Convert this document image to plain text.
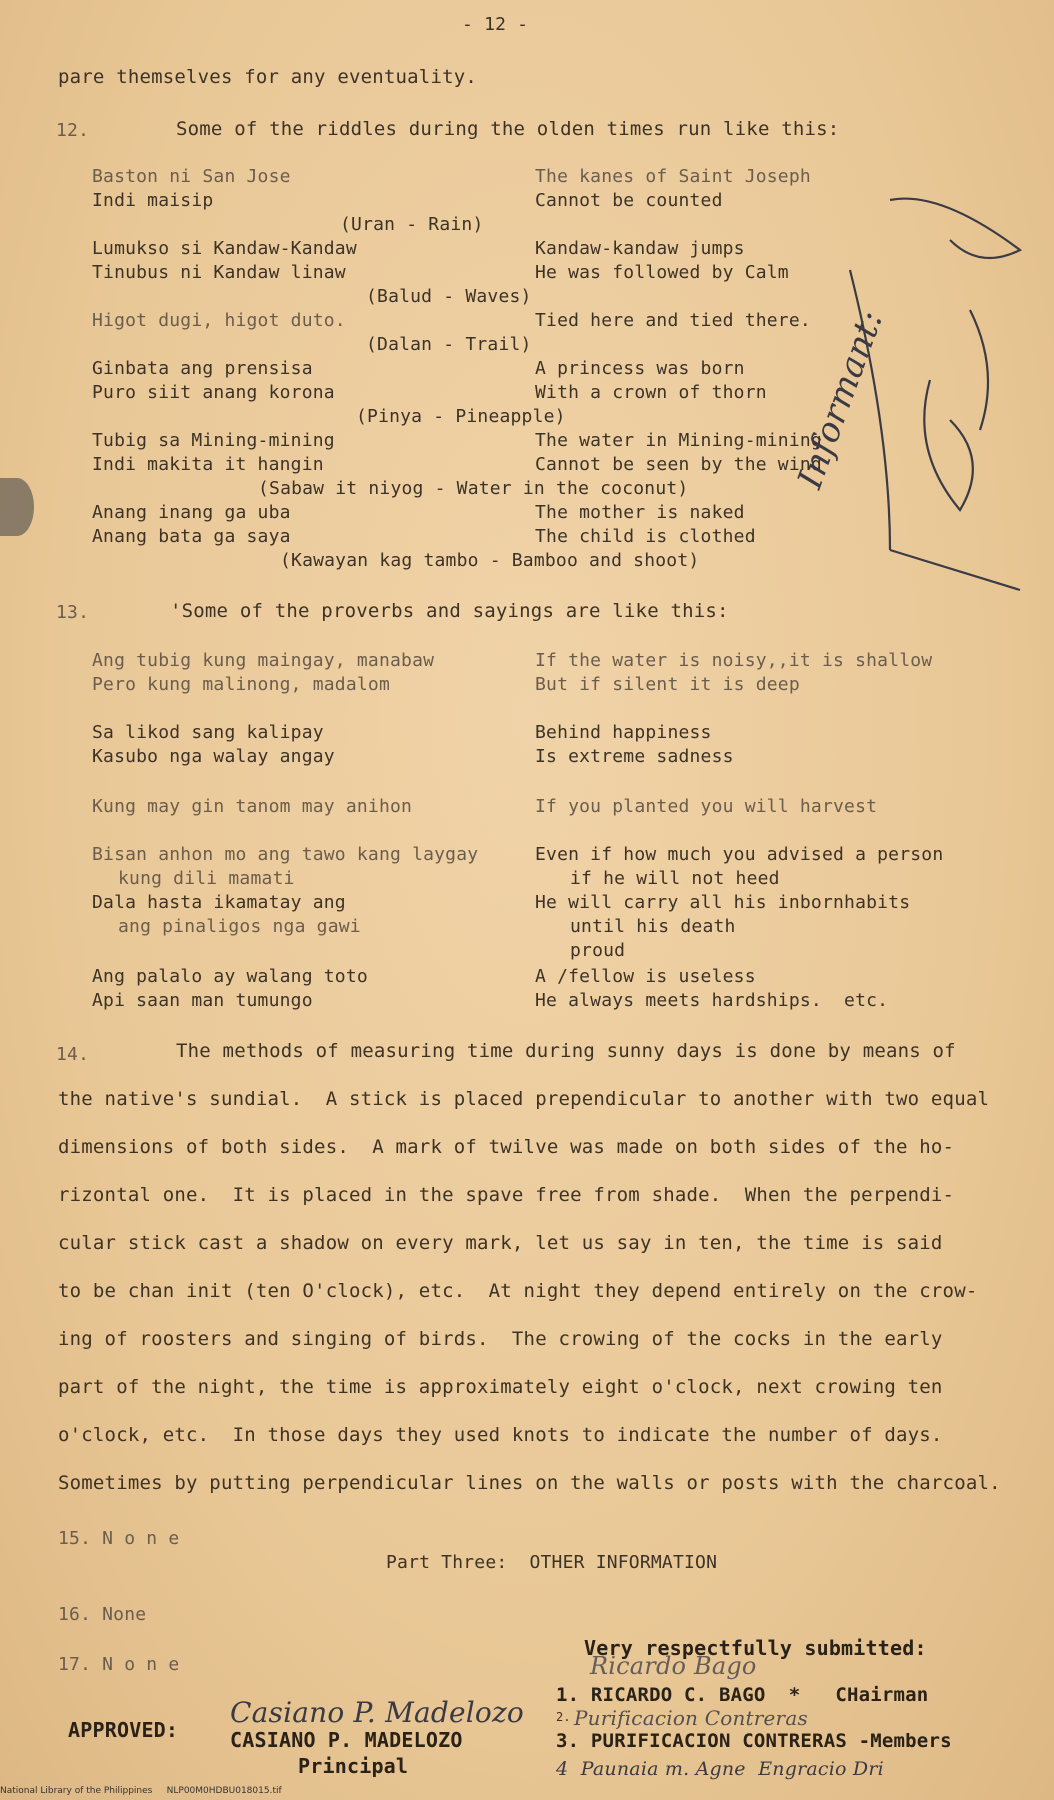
- 12 -
pare themselves for any eventuality.
12.	Some of the riddles during the olden times run like this:
Baston ni San Jose	The kanes of Saint Joseph
Indi maisip	Cannot be counted
(Uran - Rain)
Lumukso si Kandaw-Kandaw	Kandaw-kandaw jumps
Tinubus ni Kandaw linaw	He was followed by Calm
(Balud - Waves)
Higot dugi, higot duto.	Tied here and tied there.
(Dalan - Trail)
Ginbata ang prensisa	A princess was born
Puro siit anang korona	With a crown of thorn
(Pinya - Pineapple)
Tubig sa Mining-mining	The water in Mining-mining
Indi makita it hangin	Cannot be seen by the wind
(Sabaw it niyog - Water in the coconut)
Anang inang ga uba	The mother is naked
Anang bata ga saya	The child is clothed
(Kawayan kag tambo - Bamboo and shoot)
13.	'Some of the proverbs and sayings are like this:
Ang tubig kung maingay, manabaw	If the water is noisy,,it is shallow
Pero kung malinong, madalom	But if silent it is deep
Sa likod sang kalipay	Behind happiness
Kasubo nga walay angay	Is extreme sadness
Kung may gin tanom may anihon	If you planted you will harvest
Bisan anhon mo ang tawo kang laygay	Even if how much you advised a person
kung dili mamati	if he will not heed
Dala hasta ikamatay ang	He will carry all his inbornhabits
ang pinaligos nga gawi	until his death
proud
Ang palalo ay walang toto	A /fellow is useless
Api saan man tumungo	He always meets hardships.  etc.
14.	The methods of measuring time during sunny days is done by means of
the native's sundial.  A stick is placed prependicular to another with two equal
dimensions of both sides.  A mark of twilve was made on both sides of the ho-
rizontal one.  It is placed in the spave free from shade.  When the perpendi-
cular stick cast a shadow on every mark, let us say in ten, the time is said
to be chan init (ten O'clock), etc.  At night they depend entirely on the crow-
ing of roosters and singing of birds.  The crowing of the cocks in the early
part of the night, the time is approximately eight o'clock, next crowing ten
o'clock, etc.  In those days they used knots to indicate the number of days.
Sometimes by putting perpendicular lines on the walls or posts with the charcoal.
15. N o n e
Part Three:  OTHER INFORMATION
16. None
17. N o n e
Very respectfully submitted:
1. RICARDO C. BAGO  *   CHairman
2.
3. PURIFICACION CONTRERAS -Members
4  Paunaia m. Agne  Engracio Dri
APPROVED:	CASIANO P. MADELOZO
Principal
Ricardo Bago
Purificacion Contreras
Casiano P. Madelozo
Informant:
National Library of the Philippines     NLP00M0HDBU018015.tif
